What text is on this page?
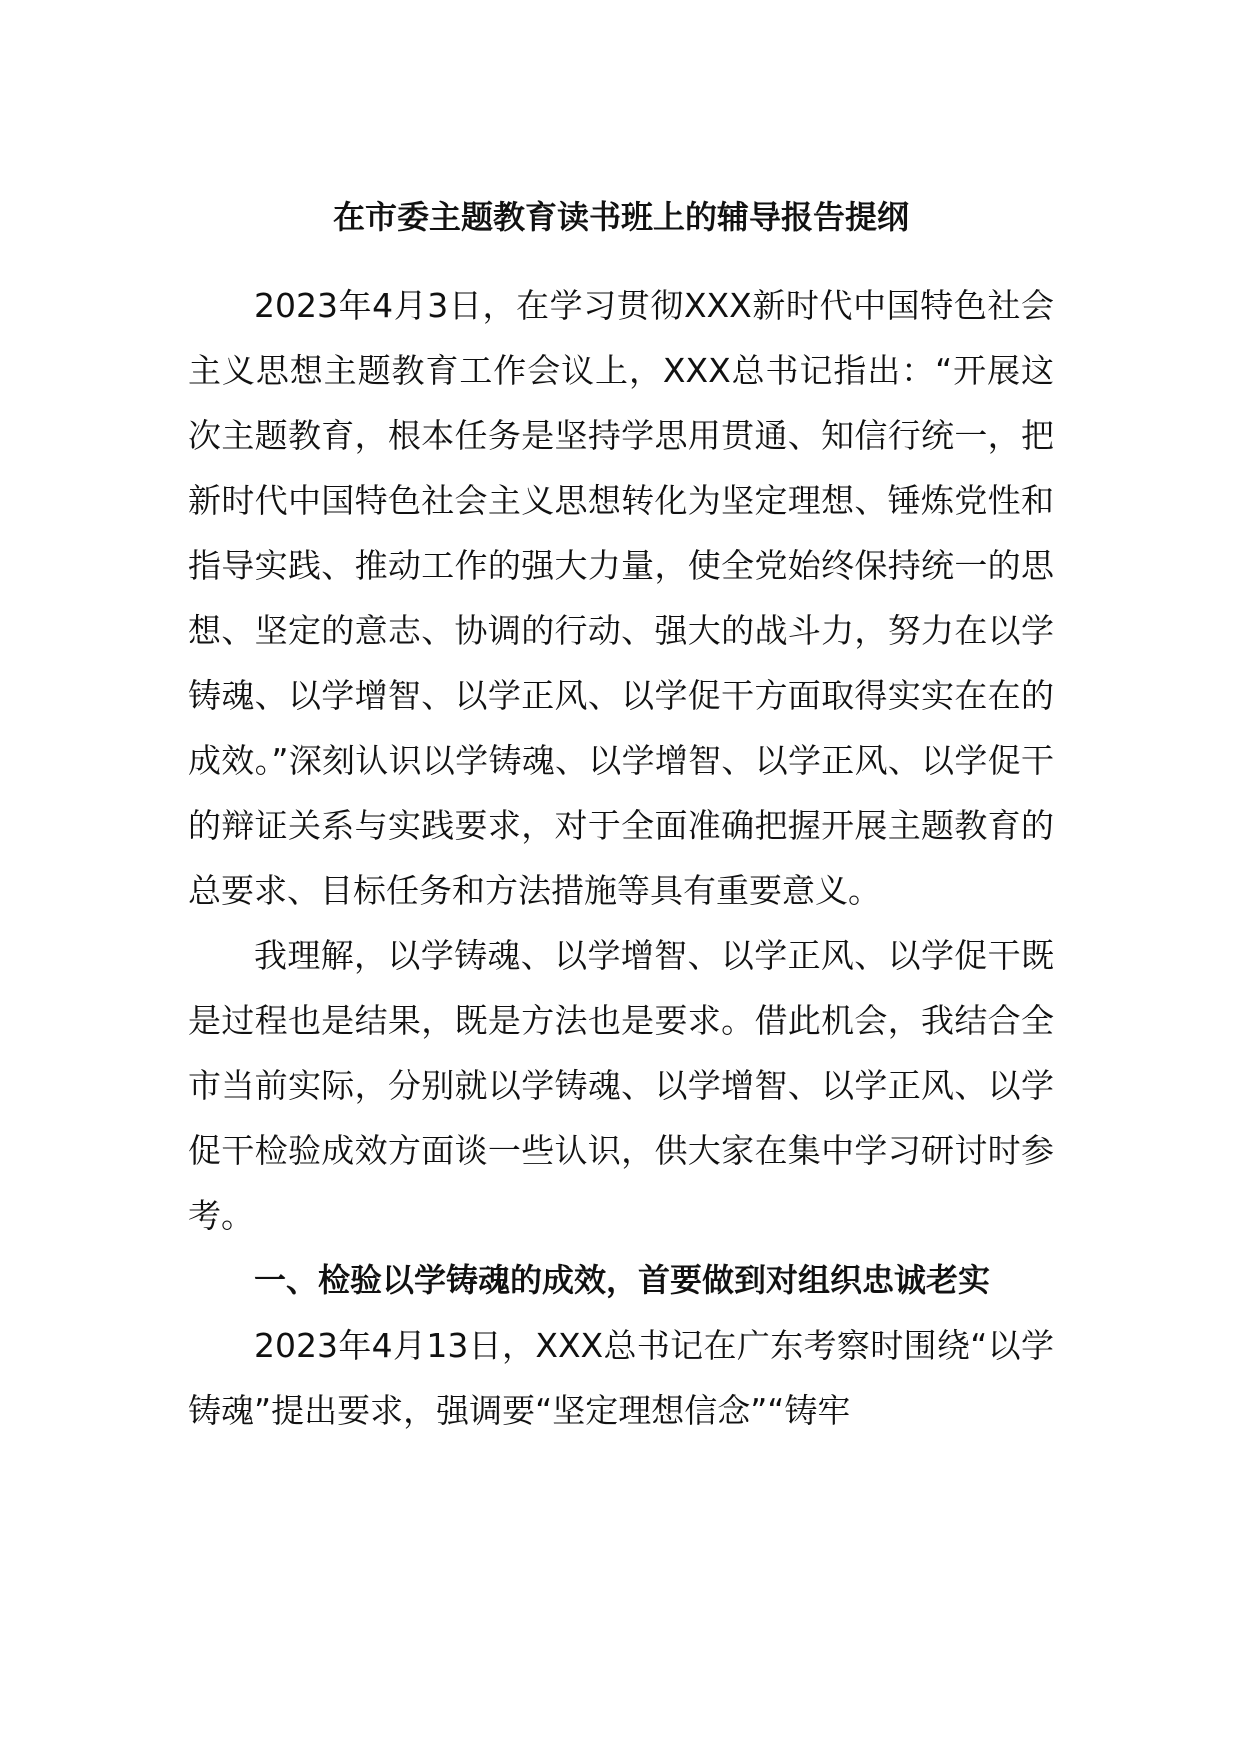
在市委主题教育读书班上的辅导报告提纲

2023年4月3日，在学习贯彻XXX新时代中国特色社会主义思想主题教育工作会议上，XXX总书记指出：“开展这次主题教育，根本任务是坚持学思用贯通、知信行统一，把新时代中国特色社会主义思想转化为坚定理想、锤炼党性和指导实践、推动工作的强大力量，使全党始终保持统一的思想、坚定的意志、协调的行动、强大的战斗力，努力在以学铸魂、以学增智、以学正风、以学促干方面取得实实在在的成效。”深刻认识以学铸魂、以学增智、以学正风、以学促干的辩证关系与实践要求，对于全面准确把握开展主题教育的总要求、目标任务和方法措施等具有重要意义。

我理解，以学铸魂、以学增智、以学正风、以学促干既是过程也是结果，既是方法也是要求。借此机会，我结合全市当前实际，分别就以学铸魂、以学增智、以学正风、以学促干检验成效方面谈一些认识，供大家在集中学习研讨时参考。

一、检验以学铸魂的成效，首要做到对组织忠诚老实

2023年4月13日，XXX总书记在广东考察时围绕“以学铸魂”提出要求，强调要“坚定理想信念”“铸牢
